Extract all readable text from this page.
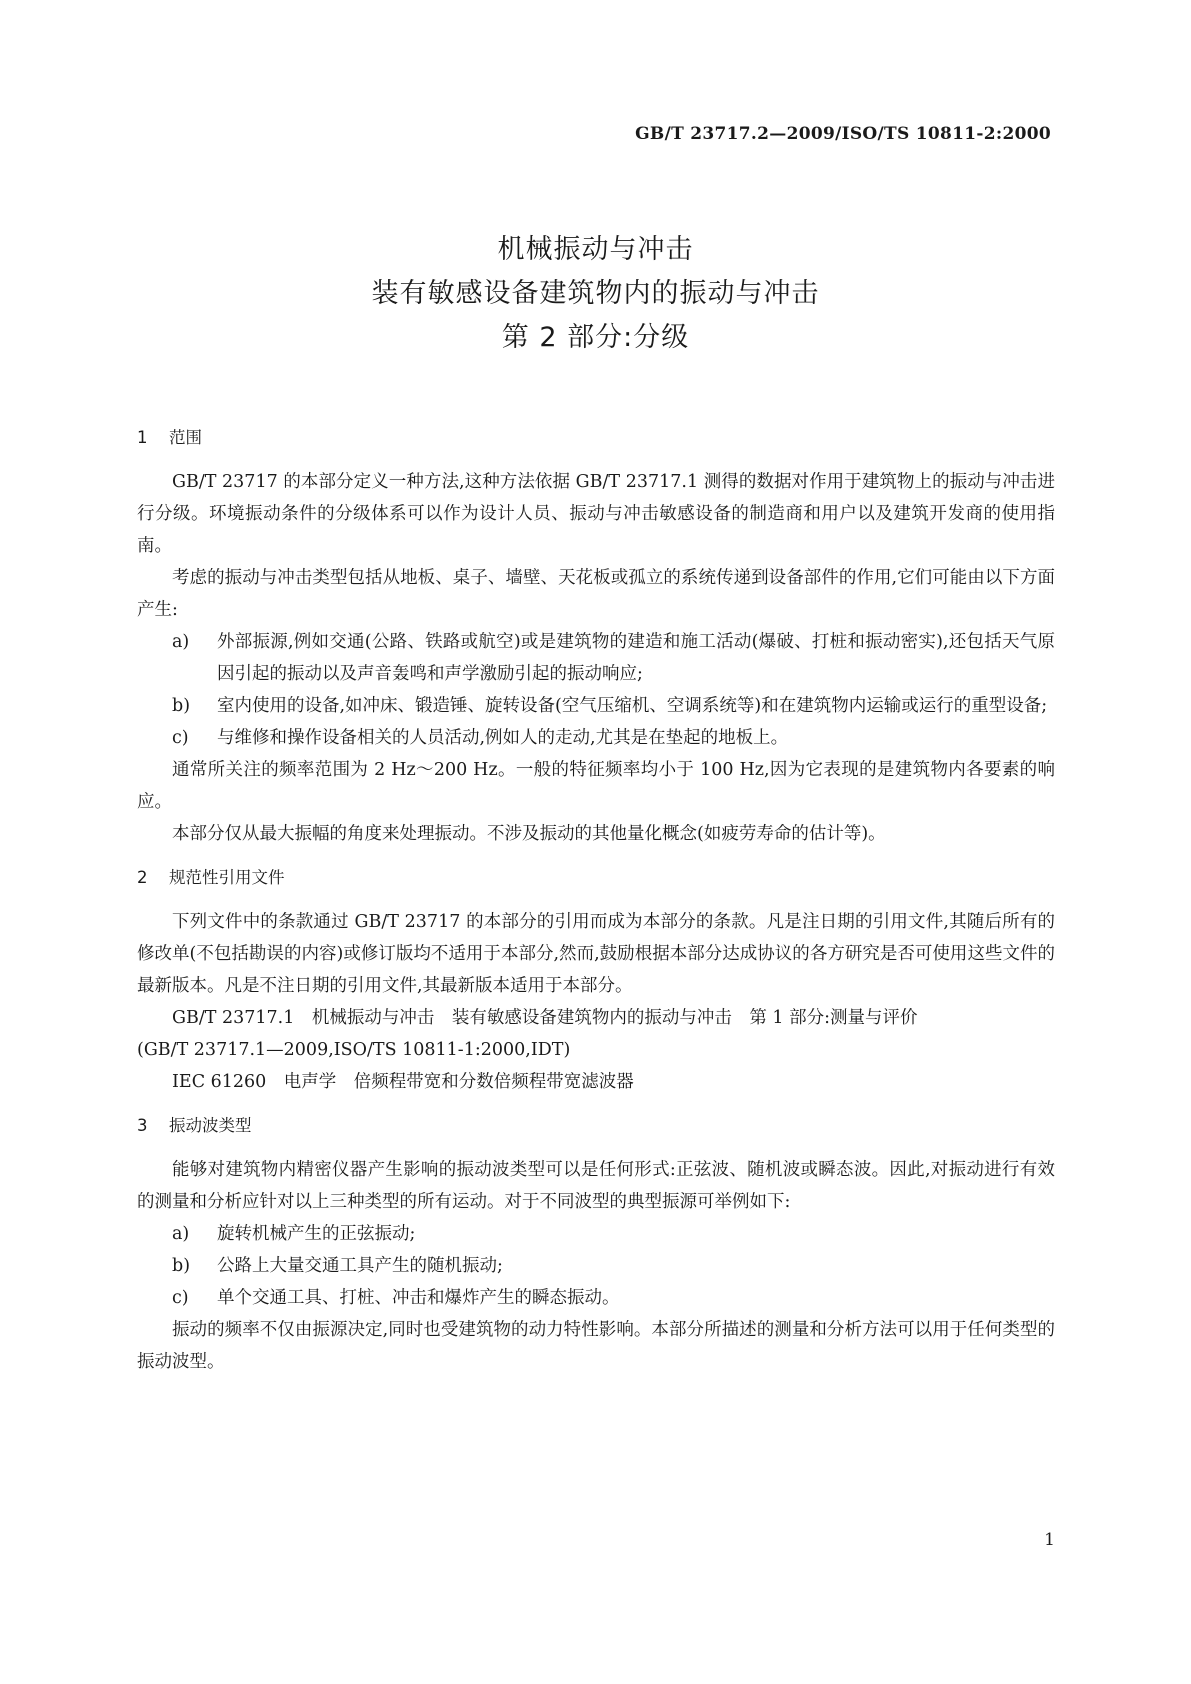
GB/T 23717.2—2009/ISO/TS 10811-2:2000

机械振动与冲击

装有敏感设备建筑物内的振动与冲击

第 2 部分:分级

1 范围

GB/T 23717 的本部分定义一种方法,这种方法依据 GB/T 23717.1 测得的数据对作用于建筑物上的振动与冲击进行分级。环境振动条件的分级体系可以作为设计人员、振动与冲击敏感设备的制造商和用户以及建筑开发商的使用指南。

考虑的振动与冲击类型包括从地板、桌子、墙壁、天花板或孤立的系统传递到设备部件的作用,它们可能由以下方面产生:

a) 外部振源,例如交通(公路、铁路或航空)或是建筑物的建造和施工活动(爆破、打桩和振动密实),还包括天气原因引起的振动以及声音轰鸣和声学激励引起的振动响应;

b) 室内使用的设备,如冲床、锻造锤、旋转设备(空气压缩机、空调系统等)和在建筑物内运输或运行的重型设备;

c) 与维修和操作设备相关的人员活动,例如人的走动,尤其是在垫起的地板上。

通常所关注的频率范围为 2 Hz～200 Hz。一般的特征频率均小于 100 Hz,因为它表现的是建筑物内各要素的响应。

本部分仅从最大振幅的角度来处理振动。不涉及振动的其他量化概念(如疲劳寿命的估计等)。

2 规范性引用文件

下列文件中的条款通过 GB/T 23717 的本部分的引用而成为本部分的条款。凡是注日期的引用文件,其随后所有的修改单(不包括勘误的内容)或修订版均不适用于本部分,然而,鼓励根据本部分达成协议的各方研究是否可使用这些文件的最新版本。凡是不注日期的引用文件,其最新版本适用于本部分。

GB/T 23717.1　机械振动与冲击　装有敏感设备建筑物内的振动与冲击　第 1 部分:测量与评价

(GB/T 23717.1—2009,ISO/TS 10811-1:2000,IDT)

IEC 61260　电声学　倍频程带宽和分数倍频程带宽滤波器

3 振动波类型

能够对建筑物内精密仪器产生影响的振动波类型可以是任何形式:正弦波、随机波或瞬态波。因此,对振动进行有效的测量和分析应针对以上三种类型的所有运动。对于不同波型的典型振源可举例如下:

a) 旋转机械产生的正弦振动;

b) 公路上大量交通工具产生的随机振动;

c) 单个交通工具、打桩、冲击和爆炸产生的瞬态振动。

振动的频率不仅由振源决定,同时也受建筑物的动力特性影响。本部分所描述的测量和分析方法可以用于任何类型的振动波型。

1
